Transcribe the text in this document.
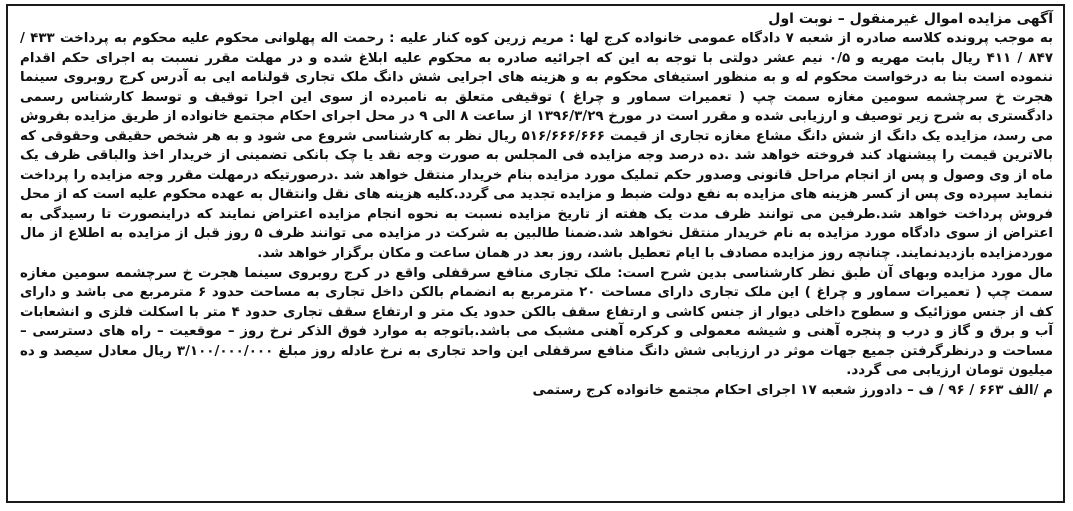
آگهی مزایده اموال غیرمنقول – نوبت اول

به موجب پرونده کلاسه صادره از شعبه ۷ دادگاه عمومی خانواده کرج لها : مریم زرین کوه کنار علیه : رحمت اله پهلوانی محکوم علیه محکوم به پرداخت ۴۳۳ / ۸۴۷ / ۴۱۱ ریال بابت مهریه و ۰/۵ نیم عشر دولتی با توجه به این که اجرائیه صادره به محکوم علیه ابلاغ شده و در مهلت مقرر نسبت به اجرای حکم اقدام ننموده است بنا به درخواست محکوم له و به منظور استیفای محکوم به و هزینه های اجرایی شش دانگ ملک تجاری قولنامه ایی به آدرس کرج روبروی سینما هجرت خ سرچشمه سومین مغازه سمت چپ ( تعمیرات سماور و چراغ ) توقیفی متعلق به نامبرده از سوی این اجرا توقیف و توسط کارشناس رسمی دادگستری به شرح زیر توصیف و ارزیابی شده و مقرر است در مورخ ۱۳۹۶/۳/۲۹ از ساعت ۸ الی ۹ در محل اجرای احکام مجتمع خانواده از طریق مزایده بفروش می رسد، مزایده یک دانگ از شش دانگ مشاع مغازه تجاری از قیمت ۵۱۶/۶۶۶/۶۶۶ ریال نظر به کارشناسی شروع می شود و به هر شخص حقیقی وحقوقی که بالاترین قیمت را پیشنهاد کند فروخته خواهد شد .ده درصد وجه مزایده فی المجلس به صورت وجه نقد یا چک بانکی تضمینی از خریدار اخذ والباقی ظرف یک ماه از وی وصول و پس از انجام مراحل قانونی وصدور حکم تملیک مورد مزایده بنام خریدار منتقل خواهد شد .درصورتیکه درمهلت مقرر وجه مزایده را پرداخت ننماید سپرده وی پس از کسر هزینه های مزایده به نفع دولت ضبط و مزایده تجدید می گردد.کلیه هزینه های نقل وانتقال به عهده محکوم علیه است که از محل فروش پرداخت خواهد شد.طرفین می توانند ظرف مدت یک هفته از تاریخ مزایده نسبت به نحوه انجام مزایده اعتراض نمایند که دراینصورت تا رسیدگی به اعتراض از سوی دادگاه مورد مزایده به نام خریدار منتقل نخواهد شد.ضمنا طالبین به شرکت در مزایده می توانند ظرف ۵ روز قبل از مزایده به اطلاع از مال موردمزایده بازدیدنمایند. چنانچه روز مزایده مصادف با ایام تعطیل باشد، روز بعد در همان ساعت و مکان برگزار خواهد شد.

مال مورد مزایده وبهای آن طبق نظر کارشناسی بدین شرح است: ملک تجاری منافع سرقفلی واقع در کرج روبروی سینما هجرت خ سرچشمه سومین مغازه سمت چپ ( تعمیرات سماور و چراغ ) این ملک تجاری دارای مساحت ۲۰ مترمربع به انضمام بالکن داخل تجاری به مساحت حدود ۶ مترمربع می باشد و دارای کف از جنس موزائیک و سطوح داخلی دیوار از جنس کاشی و ارتفاع سقف بالکن حدود یک متر و ارتفاع سقف تجاری حدود ۴ متر با اسکلت فلزی و انشعابات آب و برق و گاز و درب و پنجره آهنی و شیشه معمولی و کرکره آهنی مشبک می باشد.باتوجه به موارد فوق الذکر نرخ روز – موقعیت – راه های دسترسی – مساحت و درنظرگرفتن جمیع جهات موثر در ارزیابی شش دانگ منافع سرقفلی این واحد تجاری به نرخ عادله روز مبلغ ۳/۱۰۰/۰۰۰/۰۰۰ ریال معادل سیصد و ده میلیون تومان ارزیابی می گردد.

م /الف ۶۶۳ / ۹۶ / ف – دادورز شعبه ۱۷ اجرای احکام مجتمع خانواده کرج رستمی
